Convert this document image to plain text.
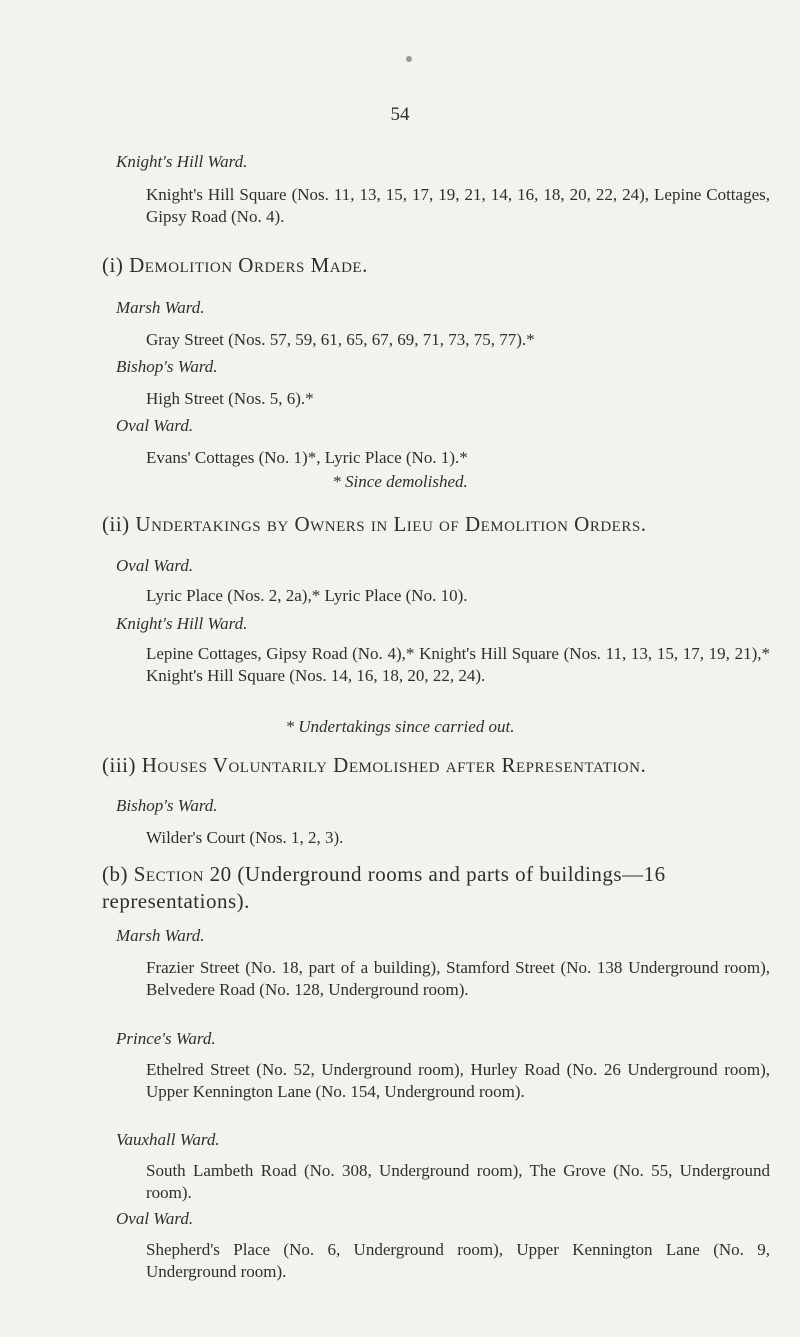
54
Knight's Hill Ward.
Knight's Hill Square (Nos. 11, 13, 15, 17, 19, 21, 14, 16, 18, 20, 22, 24), Lepine Cottages, Gipsy Road (No. 4).
(i) Demolition Orders Made.
Marsh Ward.
Gray Street (Nos. 57, 59, 61, 65, 67, 69, 71, 73, 75, 77).*
Bishop's Ward.
High Street (Nos. 5, 6).*
Oval Ward.
Evans' Cottages (No. 1)*, Lyric Place (No. 1).*
* Since demolished.
(ii) Undertakings by Owners in Lieu of Demolition Orders.
Oval Ward.
Lyric Place (Nos. 2, 2a),* Lyric Place (No. 10).
Knight's Hill Ward.
Lepine Cottages, Gipsy Road (No. 4),* Knight's Hill Square (Nos. 11, 13, 15, 17, 19, 21),* Knight's Hill Square (Nos. 14, 16, 18, 20, 22, 24).
* Undertakings since carried out.
(iii) Houses Voluntarily Demolished after Representation.
Bishop's Ward.
Wilder's Court (Nos. 1, 2, 3).
(b) Section 20 (Underground rooms and parts of buildings—16 representations).
Marsh Ward.
Frazier Street (No. 18, part of a building), Stamford Street (No. 138 Underground room), Belvedere Road (No. 128, Underground room).
Prince's Ward.
Ethelred Street (No. 52, Underground room), Hurley Road (No. 26 Underground room), Upper Kennington Lane (No. 154, Underground room).
Vauxhall Ward.
South Lambeth Road (No. 308, Underground room), The Grove (No. 55, Underground room).
Oval Ward.
Shepherd's Place (No. 6, Underground room), Upper Kennington Lane (No. 9, Underground room).
